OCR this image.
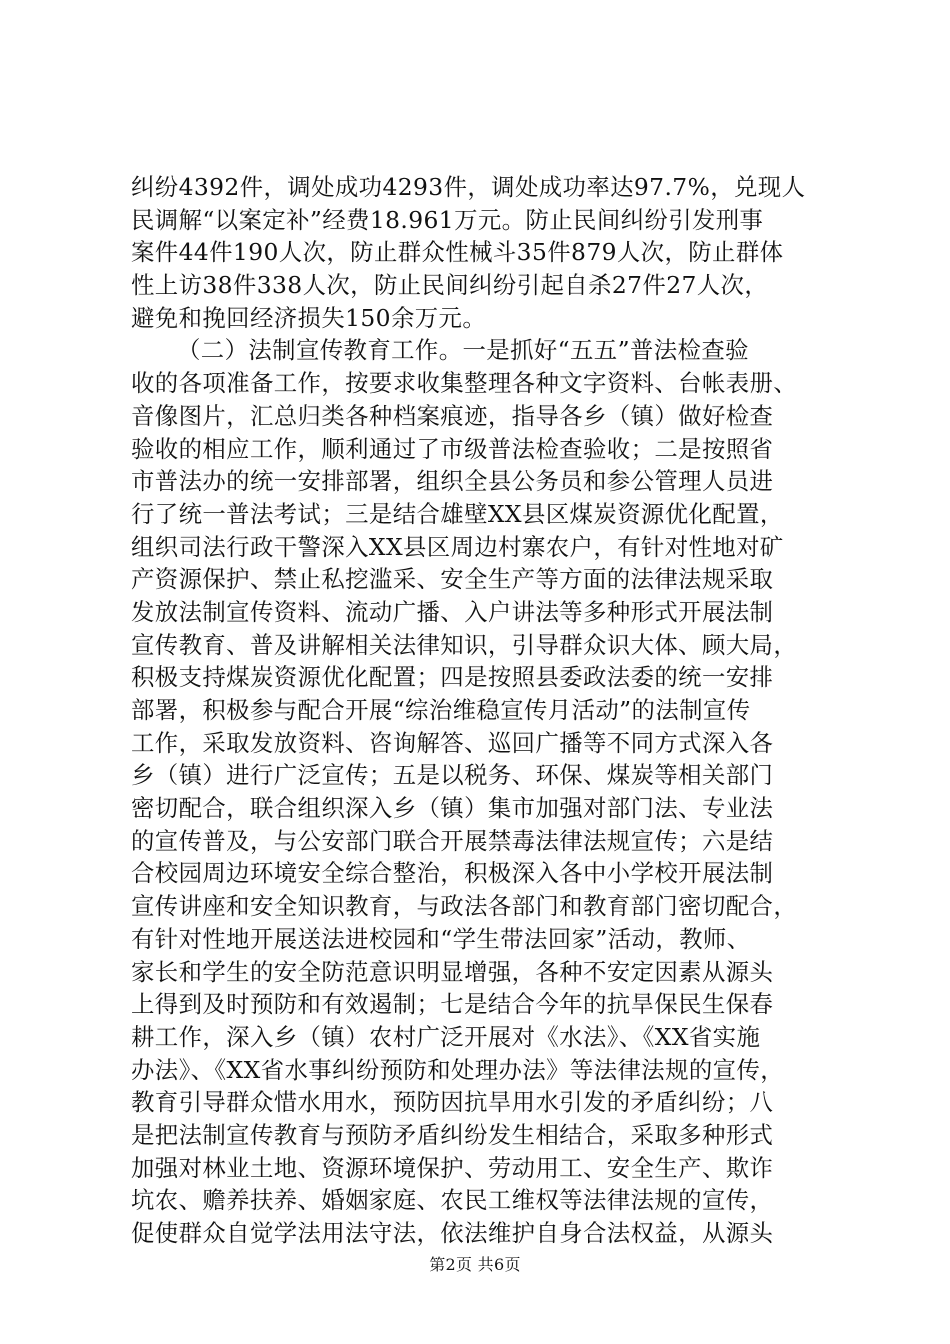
纠纷4392件，调处成功4293件，调处成功率达97.7%，兑现人
民调解“以案定补”经费18.961万元。防止民间纠纷引发刑事
案件44件190人次，防止群众性械斗35件879人次，防止群体
性上访38件338人次，防止民间纠纷引起自杀27件27人次，
避免和挽回经济损失150余万元。
（二）法制宣传教育工作。一是抓好“五五”普法检查验
收的各项准备工作，按要求收集整理各种文字资料、台帐表册、
音像图片，汇总归类各种档案痕迹，指导各乡（镇）做好检查
验收的相应工作，顺利通过了市级普法检查验收；二是按照省
市普法办的统一安排部署，组织全县公务员和参公管理人员进
行了统一普法考试；三是结合雄壁XX县区煤炭资源优化配置，
组织司法行政干警深入XX县区周边村寨农户，有针对性地对矿
产资源保护、禁止私挖滥采、安全生产等方面的法律法规采取
发放法制宣传资料、流动广播、入户讲法等多种形式开展法制
宣传教育、普及讲解相关法律知识，引导群众识大体、顾大局，
积极支持煤炭资源优化配置；四是按照县委政法委的统一安排
部署，积极参与配合开展“综治维稳宣传月活动”的法制宣传
工作，采取发放资料、咨询解答、巡回广播等不同方式深入各
乡（镇）进行广泛宣传；五是以税务、环保、煤炭等相关部门
密切配合，联合组织深入乡（镇）集市加强对部门法、专业法
的宣传普及，与公安部门联合开展禁毒法律法规宣传；六是结
合校园周边环境安全综合整治，积极深入各中小学校开展法制
宣传讲座和安全知识教育，与政法各部门和教育部门密切配合，
有针对性地开展送法进校园和“学生带法回家”活动，教师、
家长和学生的安全防范意识明显增强，各种不安定因素从源头
上得到及时预防和有效遏制；七是结合今年的抗旱保民生保春
耕工作，深入乡（镇）农村广泛开展对《水法》、《XX省实施
办法》、《XX省水事纠纷预防和处理办法》等法律法规的宣传，
教育引导群众惜水用水，预防因抗旱用水引发的矛盾纠纷；八
是把法制宣传教育与预防矛盾纠纷发生相结合，采取多种形式
加强对林业土地、资源环境保护、劳动用工、安全生产、欺诈
坑农、赡养扶养、婚姻家庭、农民工维权等法律法规的宣传，
促使群众自觉学法用法守法，依法维护自身合法权益，从源头
第2页 共6页
